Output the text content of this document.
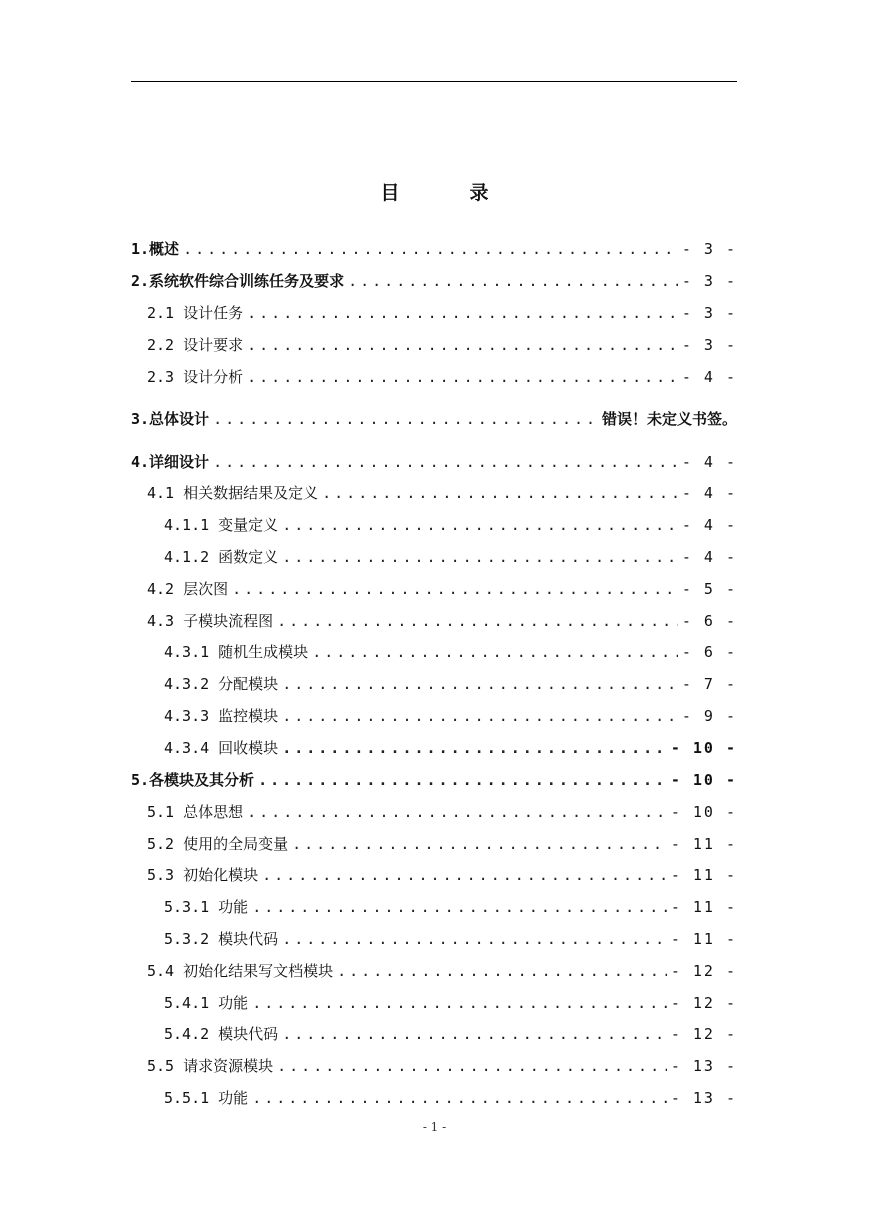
目	录
1.概述 .....	- 3 -
2.系统软件综合训练任务及要求 .....	- 3 -
2.1 设计任务 .....	- 3 -
2.2 设计要求 .....	- 3 -
2.3 设计分析 .....	- 4 -
3.总体设计 .....	错误！未定义书签。
4.详细设计 .....	- 4 -
4.1 相关数据结果及定义 .....	- 4 -
4.1.1 变量定义 .....	- 4 -
4.1.2 函数定义 .....	- 4 -
4.2 层次图 .....	- 5 -
4.3 子模块流程图 .....	- 6 -
4.3.1 随机生成模块 .....	- 6 -
4.3.2 分配模块 .....	- 7 -
4.3.3 监控模块 .....	- 9 -
4.3.4 回收模块 .....	- 10 -
5.各模块及其分析 .....	- 10 -
5.1 总体思想 .....	- 10 -
5.2 使用的全局变量 .....	- 11 -
5.3 初始化模块 .....	- 11 -
5.3.1 功能 .....	- 11 -
5.3.2 模块代码 .....	- 11 -
5.4 初始化结果写文档模块 .....	- 12 -
5.4.1 功能 .....	- 12 -
5.4.2 模块代码 .....	- 12 -
5.5 请求资源模块 .....	- 13 -
5.5.1 功能 .....	- 13 -
- 1 -
